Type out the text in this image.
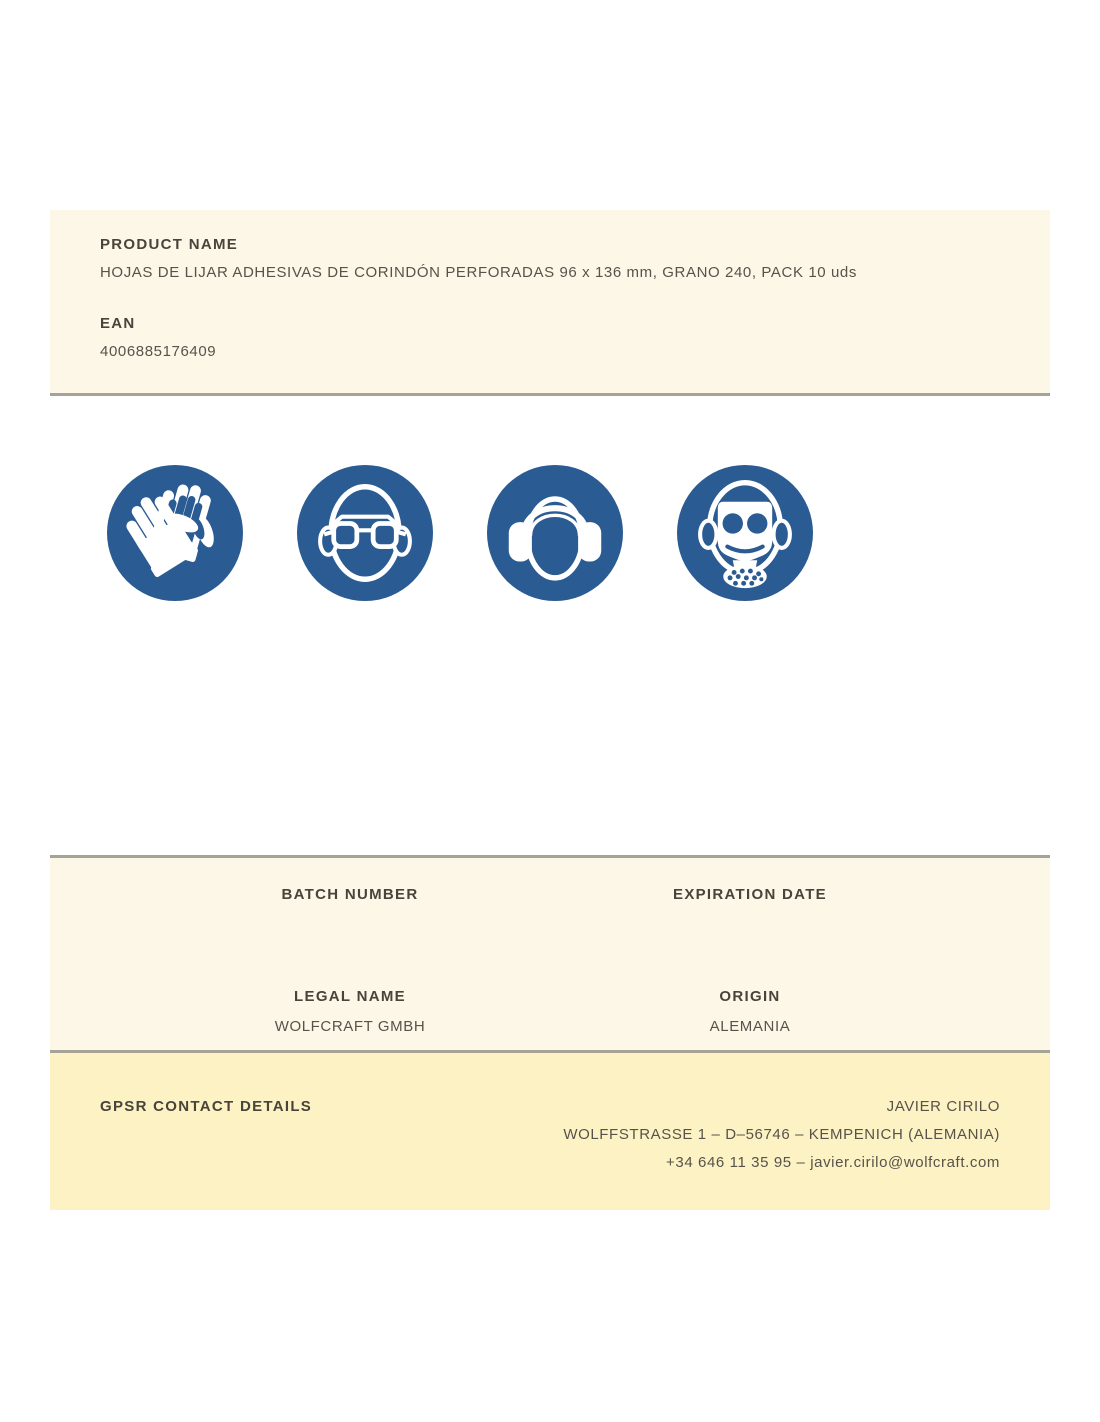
PRODUCT NAME
HOJAS DE LIJAR ADHESIVAS DE CORINDÓN PERFORADAS 96 x 136 mm, GRANO 240, PACK 10 uds
EAN
4006885176409
BATCH NUMBER	EXPIRATION DATE
LEGAL NAME
WOLFCRAFT GMBH
ORIGIN
ALEMANIA
GPSR CONTACT DETAILS	JAVIER CIRILO
WOLFFSTRASSE 1 – D–56746 – KEMPENICH (ALEMANIA)
+34 646 11 35 95 – javier.cirilo@wolfcraft.com
